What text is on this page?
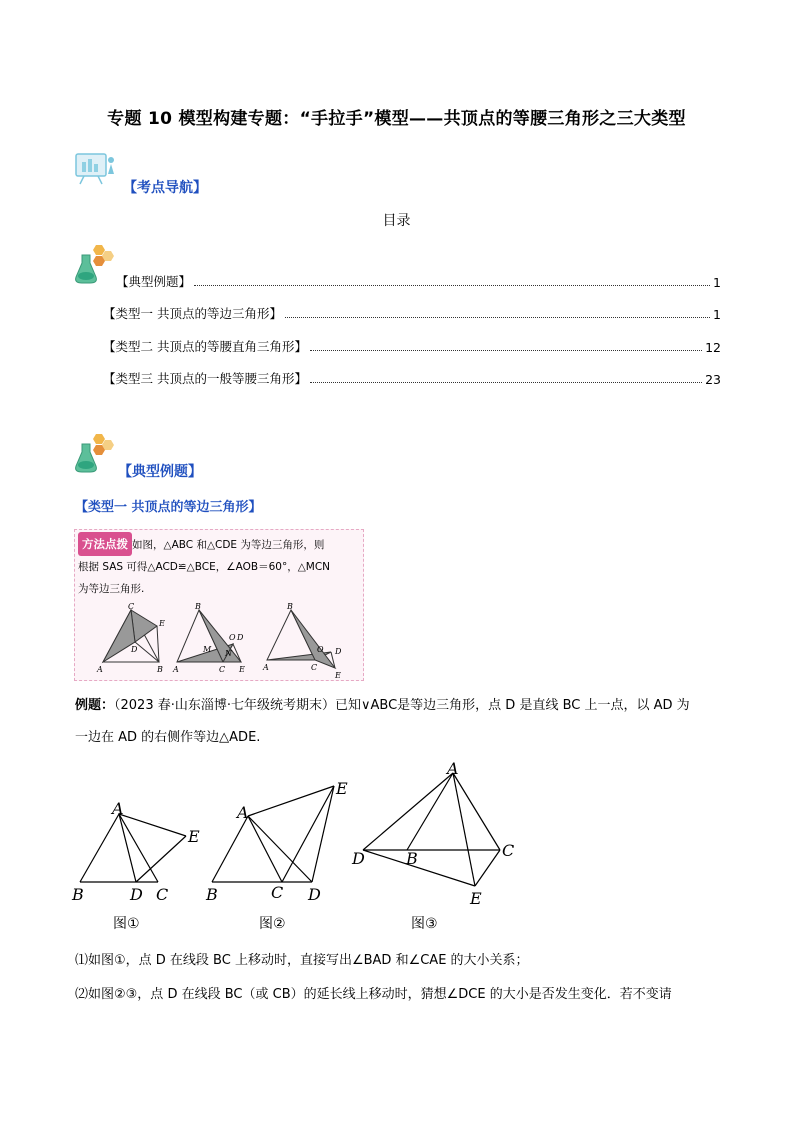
专题 10 模型构建专题：“手拉手”模型——共顶点的等腰三角形之三大类型
【考点导航】
目录
【典型例题】	1
【类型一 共顶点的等边三角形】	1
【类型二 共顶点的等腰直角三角形】	12
【类型三 共顶点的一般等腰三角形】	23
【典型例题】
【类型一 共顶点的等边三角形】
方法点拨 如图，△ABC 和△CDE 为等边三角形，则
根据 SAS 可得△ACD≌△BCE，∠AOB＝60°，△MCN
为等边三角形.
C
E
D
A	B
B
O D
M N
A	C E
B
O D
A	C
E
例题：（2023 春·山东淄博·七年级统考期末）已知∨ABC是等边三角形，点 D 是直线 BC 上一点，以 AD 为
一边在 AD 的右侧作等边△ADE.
A
E
B	D C
A
E
B	C D
A
D	B	C
E
图①	图②	图③
⑴如图①，点 D 在线段 BC 上移动时，直接写出∠BAD 和∠CAE 的大小关系；
⑵如图②③，点 D 在线段 BC（或 CB）的延长线上移动时，猜想∠DCE 的大小是否发生变化．若不变请
